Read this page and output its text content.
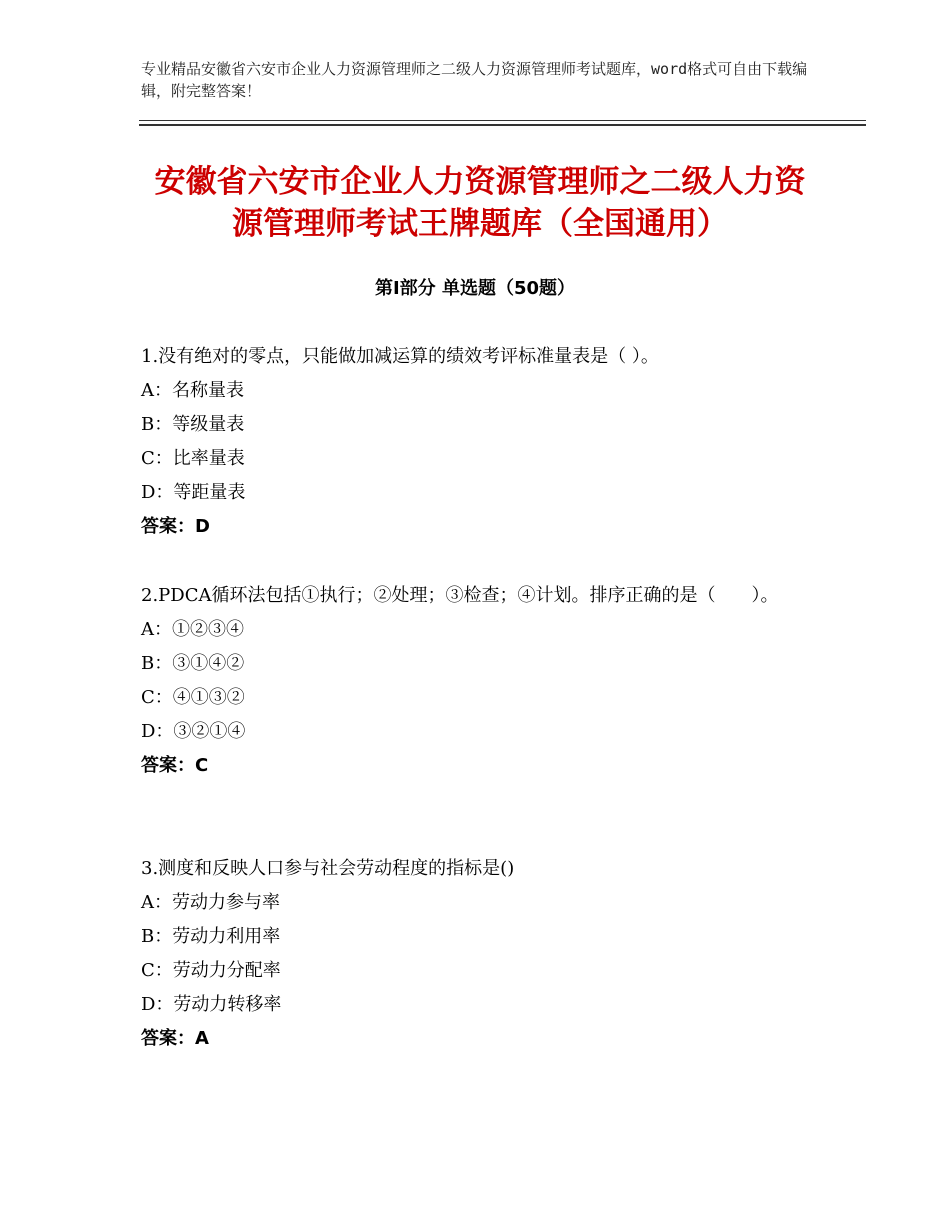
专业精品安徽省六安市企业人力资源管理师之二级人力资源管理师考试题库，word格式可自由下载编辑，附完整答案！
安徽省六安市企业人力资源管理师之二级人力资源管理师考试王牌题库（全国通用）
第Ⅰ部分 单选题（50题）

1.没有绝对的零点，只能做加减运算的绩效考评标准量表是（ ）。

A：名称量表

B：等级量表

C：比率量表

D：等距量表

答案：D

2.PDCA循环法包括①执行；②处理；③检查；④计划。排序正确的是（　　）。

A：①②③④

B：③①④②

C：④①③②

D：③②①④

答案：C

3.测度和反映人口参与社会劳动程度的指标是()

A：劳动力参与率

B：劳动力利用率

C：劳动力分配率

D：劳动力转移率

答案：A
